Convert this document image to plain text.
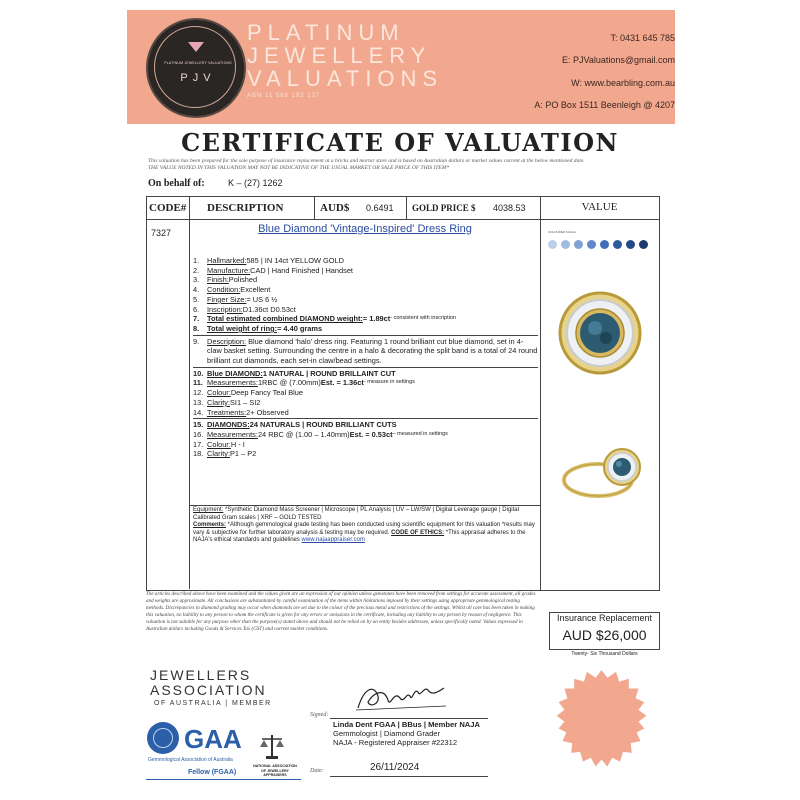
PLATINUM JEWELLERY VALUATIONS
PJV
PLATINUM
JEWELLERY
VALUATIONS
ABN 11 588 192 137
T: 0431 645 785
E: PJValuations@gmail.com
W: www.bearbling.com.au
A: PO Box 1511 Beenleigh @ 4207
CERTIFICATE OF VALUATION
This valuation has been prepared for the sole purpose of insurance replacement at a bricks and mortar store and is based on Australian dollars or market values current at the below mentioned date.
THE VALUE NOTED IN THIS VALUATION MAY NOT BE INDICATIVE OF THE USUAL MARKET OR SALE PRICE OF THIS ITEM*
On behalf of:	K – (27) 1262
CODE# DESCRIPTION	AUD$ 0.6491 GOLD PRICE $ 4038.53	VALUE
7327	Blue Diamond 'Vintage-Inspired' Dress Ring
1.	Hallmarked: 585 | IN 14ct YELLOW GOLD
2.	Manufacture: CAD | Hand Finished | Handset
3.	Finish: Polished
4.	Condition: Excellent
5.	Finger Size: = US 6 ½
6.	Inscription: D1.36ct D0.53ct
7.	Total estimated combined DIAMOND weight: = 1.89ct - consistent with inscription
8.	Total weight of ring: = 4.40 grams
9.	Description: Blue diamond 'halo' dress ring. Featuring 1 round brilliant cut blue diamond, set in 4-claw basket setting. Surrounding the centre in a halo & decorating the split band is a total of 24 round brilliant cut diamonds, each set-in claw/bead settings.
10. Blue DIAMOND: 1 NATURAL | ROUND BRILLAINT CUT
11. Measurements: 1RBC @ (7.00mm) Est. = 1.36ct - measure in settings
12. Colour: Deep Fancy Teal Blue
13. Clarity: SI1 – SI2
14. Treatments: 2+ Observed
15. DIAMONDS: 24 NATURALS | ROUND BRILLIANT CUTS
16. Measurements: 24 RBC @ (1.00 – 1.40mm) Est. = 0.53ct – measured in settings
17. Colour: H - I
18. Clarity: P1 – P2
Equipment: *Synthetic Diamond Mass Screener | Microscope | PL Analysis | UV – LW/SW | Digital Leverage gauge | Digital Calibrated Gram scales | XRF – GOLD TESTED
Comments: *Although gemmological grade testing has been conducted using scientific equipment for this valuation *results may vary & subjective for further laboratory analysis & testing may be required. CODE OF ETHICS: *This appraisal adheres to the NAJA's ethical standards and guidelines www.najaappraiser.com
COLOURED SCALE
The articles described above have been examined and the values given are an expression of our opinion unless gemstones have been removed from settings for accurate assessment, all grades and weights are approximate. All conclusions are substantiated by careful examination of the items within limitations imposed by their settings using appropriate gemmological testing methods. Discrepancies in diamond grading may occur when diamonds are set due to the colour of the precious metal and restrictions of the settings. Whilst all care has been taken in making this valuation, no liability to any person to whom the certificate is given for any errors or omissions in the certificate, including any liability to any person by reason of negligence. This valuation is not suitable for any purpose other than the purpose(s) stated above and should not be relied on by an entity besides addressee, unless specifically noted. Values expressed in Australian dollars including Goods & Services Tax (GST) and current market conditions.
Insurance Replacement
AUD $26,000
Twenty- Six Thousand Dollars
JEWELLERS
ASSOCIATION
OF AUSTRALIA | MEMBER
GAA
Gemmological Association of Australia
Fellow (FGAA)
NATIONAL ASSOCIATION OF JEWELLERY APPRAISERS
Signed:
Linda Dent FGAA | BBus | Member NAJA
Gemmologist | Diamond Grader
NAJA - Registered Appraiser #22312
Date:	26/11/2024
